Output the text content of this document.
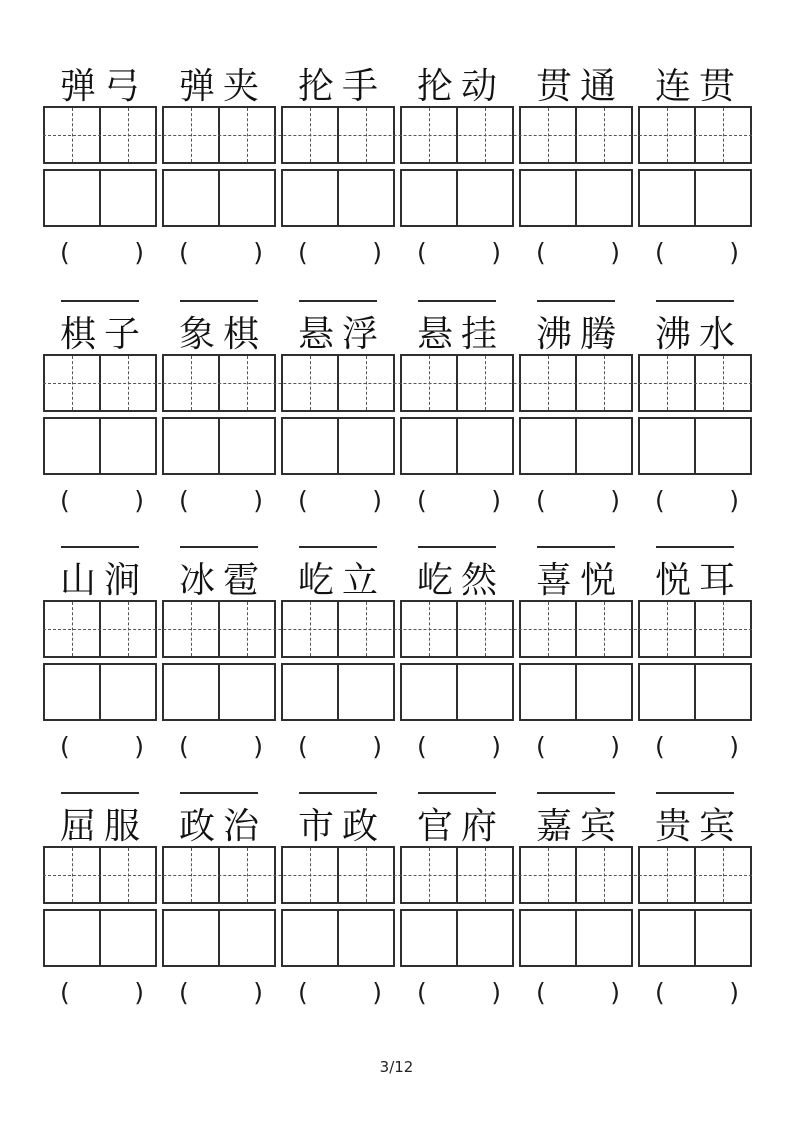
弹弓 弹夹 抡手 抡动 贯通 连贯
(	) (	) (	) (	) (	) (	)
棋子 象棋 悬浮 悬挂 沸腾 沸水
(	) (	) (	) (	) (	) (	)
山涧 冰雹 屹立 屹然 喜悦 悦耳
(	) (	) (	) (	) (	) (	)
屈服 政治 市政 官府 嘉宾 贵宾
(	) (	) (	) (	) (	) (	)
3/12
